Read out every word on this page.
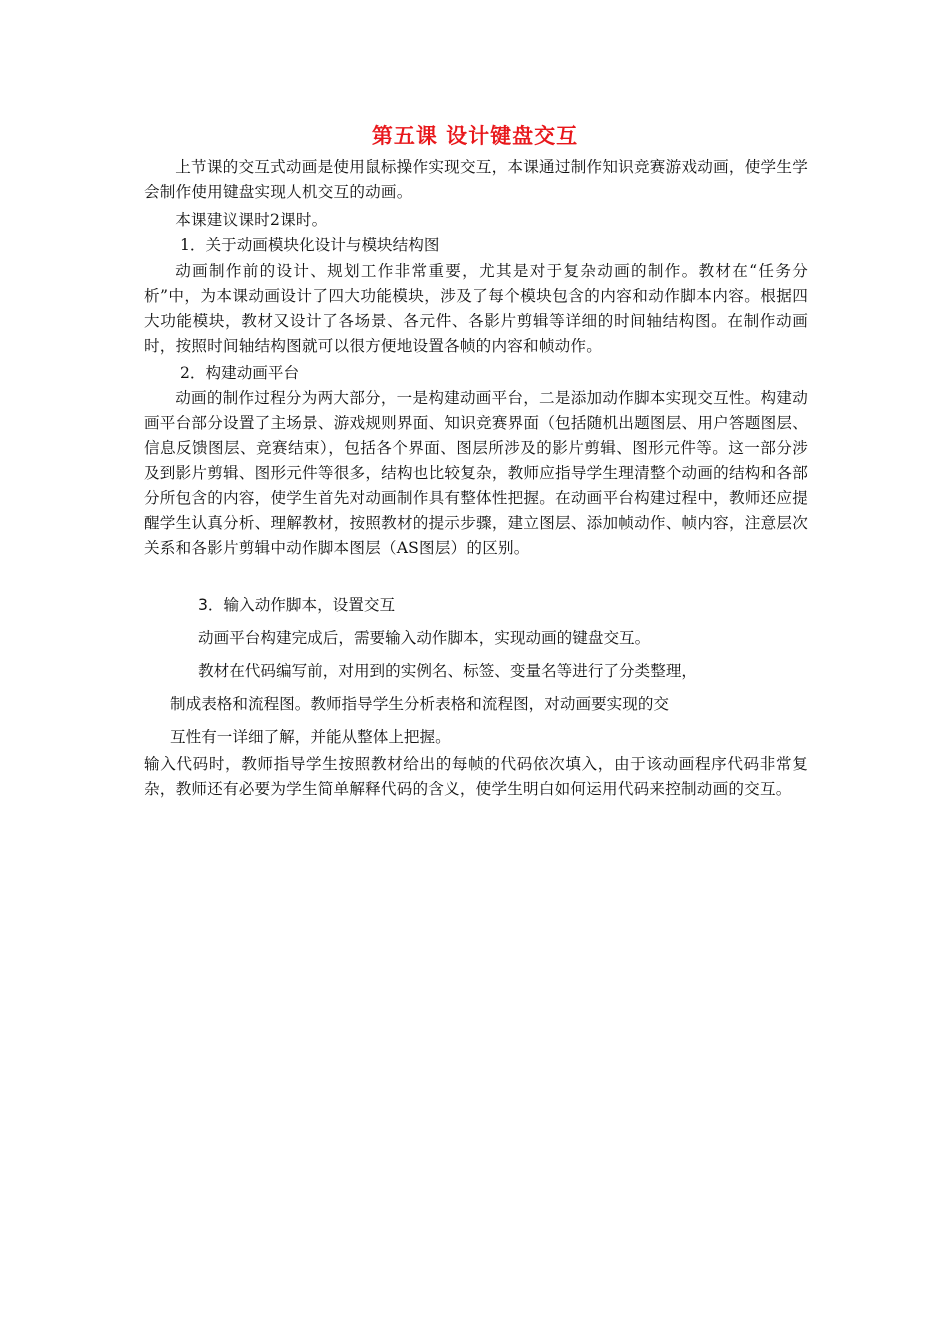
第五课 设计键盘交互

上节课的交互式动画是使用鼠标操作实现交互，本课通过制作知识竞赛游戏动画，使学生学会制作使用键盘实现人机交互的动画。

本课建议课时2课时。

1．关于动画模块化设计与模块结构图

动画制作前的设计、规划工作非常重要，尤其是对于复杂动画的制作。教材在“任务分析”中，为本课动画设计了四大功能模块，涉及了每个模块包含的内容和动作脚本内容。根据四大功能模块，教材又设计了各场景、各元件、各影片剪辑等详细的时间轴结构图。在制作动画时，按照时间轴结构图就可以很方便地设置各帧的内容和帧动作。

2．构建动画平台

动画的制作过程分为两大部分，一是构建动画平台，二是添加动作脚本实现交互性。构建动画平台部分设置了主场景、游戏规则界面、知识竞赛界面（包括随机出题图层、用户答题图层、信息反馈图层、竞赛结束），包括各个界面、图层所涉及的影片剪辑、图形元件等。这一部分涉及到影片剪辑、图形元件等很多，结构也比较复杂，教师应指导学生理清整个动画的结构和各部分所包含的内容，使学生首先对动画制作具有整体性把握。在动画平台构建过程中，教师还应提醒学生认真分析、理解教材，按照教材的提示步骤，建立图层、添加帧动作、帧内容，注意层次关系和各影片剪辑中动作脚本图层（AS图层）的区别。

3．输入动作脚本，设置交互
动画平台构建完成后，需要输入动作脚本，实现动画的键盘交互。
教材在代码编写前，对用到的实例名、标签、变量名等进行了分类整理，
制成表格和流程图。教师指导学生分析表格和流程图，对动画要实现的交
互性有一详细了解，并能从整体上把握。

输入代码时，教师指导学生按照教材给出的每帧的代码依次填入，由于该动画程序代码非常复杂，教师还有必要为学生简单解释代码的含义，使学生明白如何运用代码来控制动画的交互。
